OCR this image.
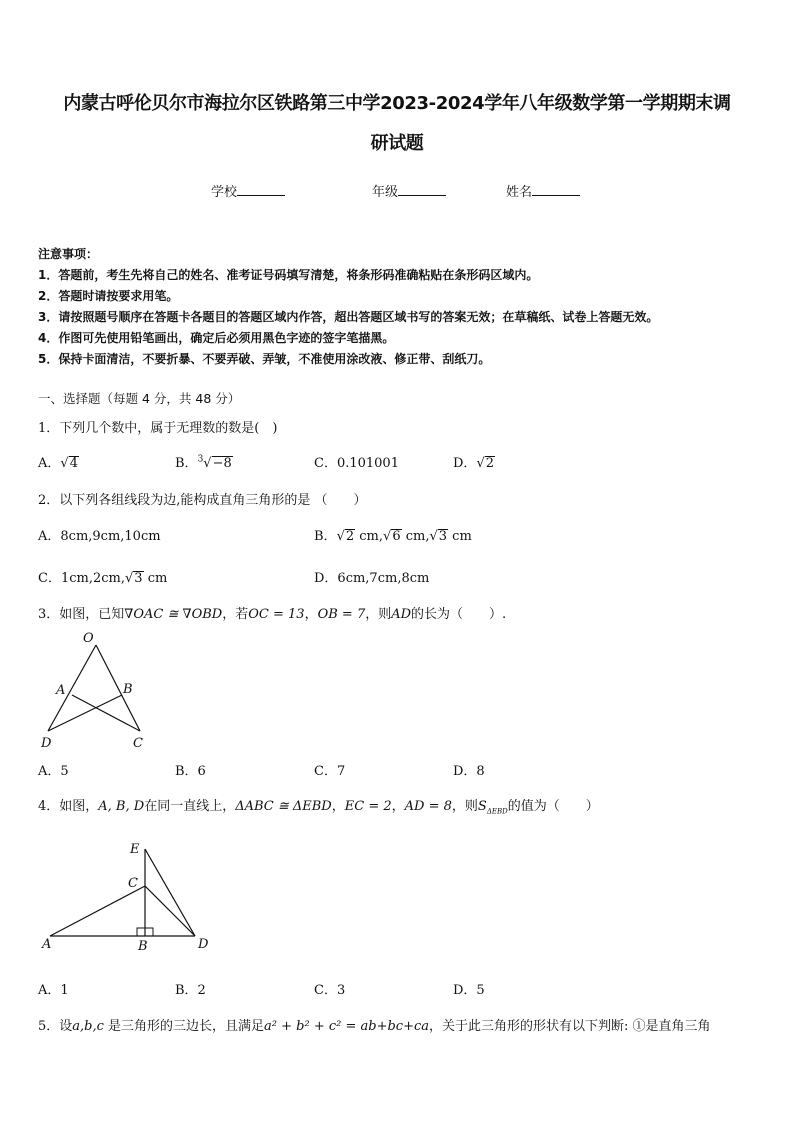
内蒙古呼伦贝尔市海拉尔区铁路第三中学2023-2024学年八年级数学第一学期期末调
研试题
学校	年级	姓名
注意事项：
1．答题前，考生先将自己的姓名、准考证号码填写清楚，将条形码准确粘贴在条形码区域内。
2．答题时请按要求用笔。
3．请按照题号顺序在答题卡各题目的答题区域内作答，超出答题区域书写的答案无效；在草稿纸、试卷上答题无效。
4．作图可先使用铅笔画出，确定后必须用黑色字迹的签字笔描黑。
5．保持卡面清洁，不要折暴、不要弄破、弄皱，不准使用涂改液、修正带、刮纸刀。
一、选择题（每题 4 分，共 48 分）
1．下列几个数中，属于无理数的数是(　)
A．√4	B．$^3$√−8	C．0.101001	D．√2
2．以下列各组线段为边,能构成直角三角形的是 （　　）
A．8cm,9cm,10cm	B．√2 cm,√6 cm,√3 cm
C．1cm,2cm,√3 cm	D．6cm,7cm,8cm
3．如图，已知∇OAC ≅ ∇OBD，若OC = 13，OB = 7，则AD的长为（　　）.
O
A	B
D	C
A．5	B．6	C．7	D．8
4．如图，A, B, D在同一直线上，ΔABC ≅ ΔEBD，EC = 2，AD = 8，则$S_{\Delta EBD}$的值为（　　）
E
C
A	B	D
A．1	B．2	C．3	D．5
5．设a,b,c 是三角形的三边长，且满足a² + b² + c² = ab+bc+ca，关于此三角形的形状有以下判断: ①是直角三角
